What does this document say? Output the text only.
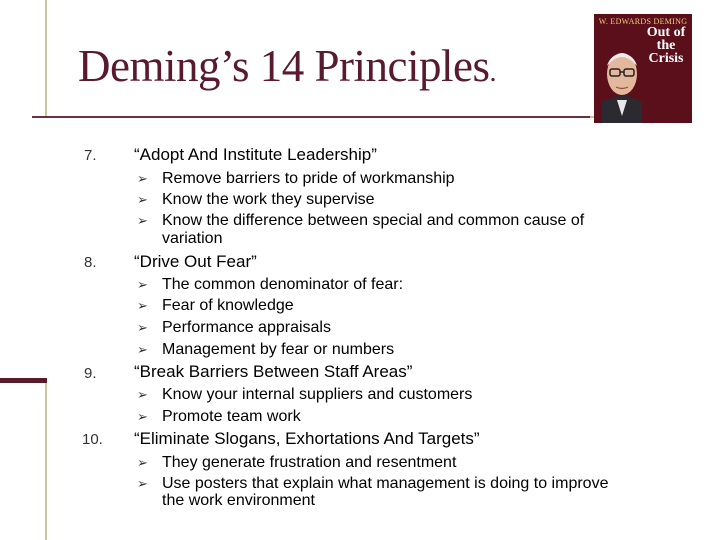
Deming’s 14 Principles.
W. EDWARDS DEMING
Out of
the Crisis
7. “Adopt And Institute Leadership”
➢ Remove barriers to pride of workmanship
➢ Know the work they supervise
➢ Know the difference between special and common cause of
variation
8. “Drive Out Fear”
➢ The common denominator of fear:
➢ Fear of knowledge
➢ Performance appraisals
➢ Management by fear or numbers
9. “Break Barriers Between Staff Areas”
➢ Know your internal suppliers and customers
➢ Promote team work
10. “Eliminate Slogans, Exhortations And Targets”
➢ They generate frustration and resentment
➢ Use posters that explain what management is doing to improve
the work environment
